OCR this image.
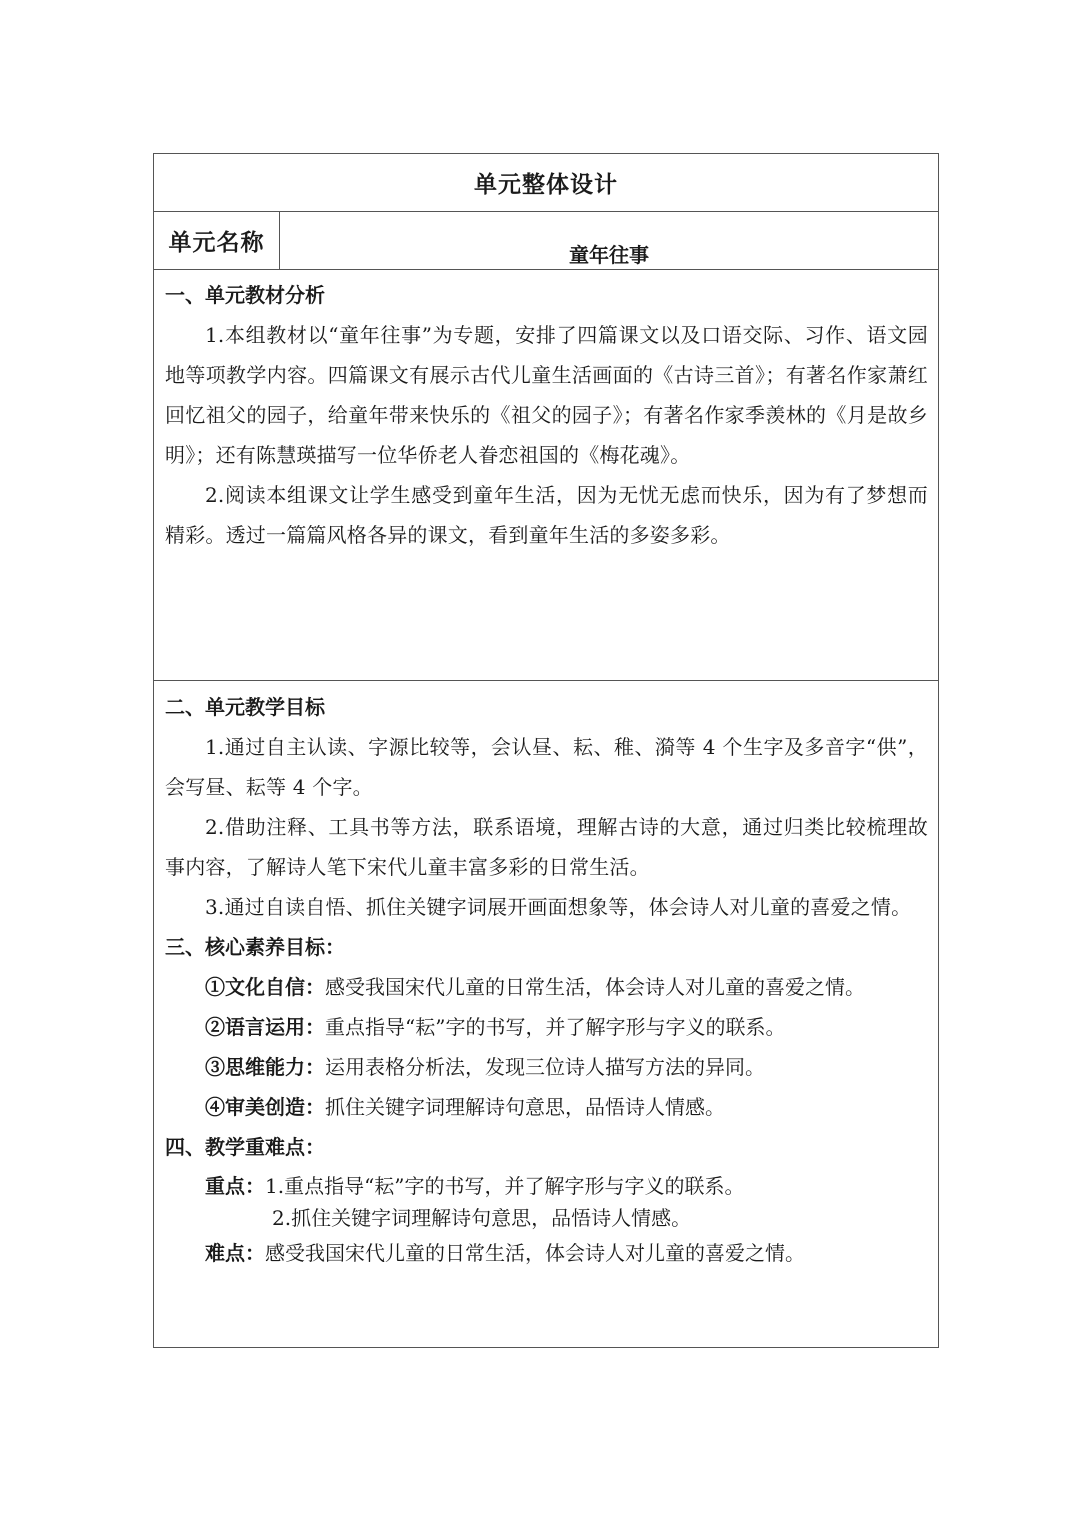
单元整体设计
单元名称	童年往事

一、单元教材分析

1.本组教材以“童年往事”为专题，安排了四篇课文以及口语交际、习作、语文园地等项教学内容。四篇课文有展示古代儿童生活画面的《古诗三首》；有著名作家萧红回忆祖父的园子，给童年带来快乐的《祖父的园子》；有著名作家季羡林的《月是故乡明》；还有陈慧瑛描写一位华侨老人眷恋祖国的《梅花魂》。

2.阅读本组课文让学生感受到童年生活，因为无忧无虑而快乐，因为有了梦想而精彩。透过一篇篇风格各异的课文，看到童年生活的多姿多彩。

二、单元教学目标

1.通过自主认读、字源比较等，会认昼、耘、稚、漪等 4 个生字及多音字“供”，会写昼、耘等 4 个字。

2.借助注释、工具书等方法，联系语境，理解古诗的大意，通过归类比较梳理故事内容，了解诗人笔下宋代儿童丰富多彩的日常生活。

3.通过自读自悟、抓住关键字词展开画面想象等，体会诗人对儿童的喜爱之情。

三、核心素养目标：

①文化自信：感受我国宋代儿童的日常生活，体会诗人对儿童的喜爱之情。

②语言运用：重点指导“耘”字的书写，并了解字形与字义的联系。

③思维能力：运用表格分析法，发现三位诗人描写方法的异同。

④审美创造：抓住关键字词理解诗句意思，品悟诗人情感。

四、教学重难点：

重点：1.重点指导“耘”字的书写，并了解字形与字义的联系。

2.抓住关键字词理解诗句意思，品悟诗人情感。

难点：感受我国宋代儿童的日常生活，体会诗人对儿童的喜爱之情。
